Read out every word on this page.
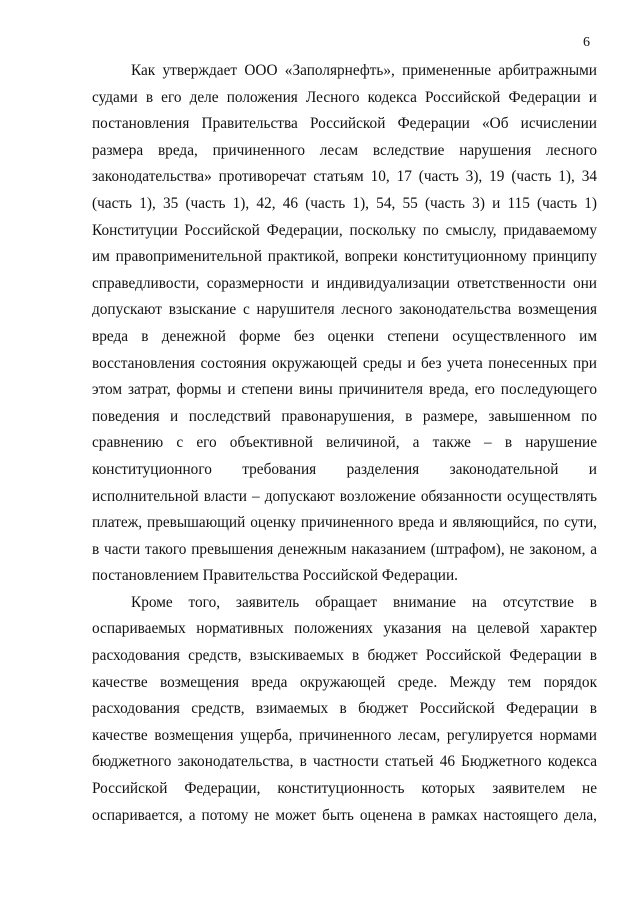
6

Как утверждает ООО «Заполярнефть», примененные арбитражными
судами в его деле положения Лесного кодекса Российской Федерации и
постановления Правительства Российской Федерации «Об исчислении
размера вреда, причиненного лесам вследствие нарушения лесного
законодательства» противоречат статьям 10, 17 (часть 3), 19 (часть 1), 34
(часть 1), 35 (часть 1), 42, 46 (часть 1), 54, 55 (часть 3) и 115 (часть 1)
Конституции Российской Федерации, поскольку по смыслу, придаваемому
им правоприменительной практикой, вопреки конституционному принципу
справедливости, соразмерности и индивидуализации ответственности они
допускают взыскание с нарушителя лесного законодательства возмещения
вреда в денежной форме без оценки степени осуществленного им
восстановления состояния окружающей среды и без учета понесенных при
этом затрат, формы и степени вины причинителя вреда, его последующего
поведения и последствий правонарушения, в размере, завышенном по
сравнению с его объективной величиной, а также – в нарушение
конституционного требования разделения законодательной и
исполнительной власти – допускают возложение обязанности осуществлять
платеж, превышающий оценку причиненного вреда и являющийся, по сути,
в части такого превышения денежным наказанием (штрафом), не законом, а
постановлением Правительства Российской Федерации.

Кроме того, заявитель обращает внимание на отсутствие в
оспариваемых нормативных положениях указания на целевой характер
расходования средств, взыскиваемых в бюджет Российской Федерации в
качестве возмещения вреда окружающей среде. Между тем порядок
расходования средств, взимаемых в бюджет Российской Федерации в
качестве возмещения ущерба, причиненного лесам, регулируется нормами
бюджетного законодательства, в частности статьей 46 Бюджетного кодекса
Российской Федерации, конституционность которых заявителем не
оспаривается, а потому не может быть оценена в рамках настоящего дела,
